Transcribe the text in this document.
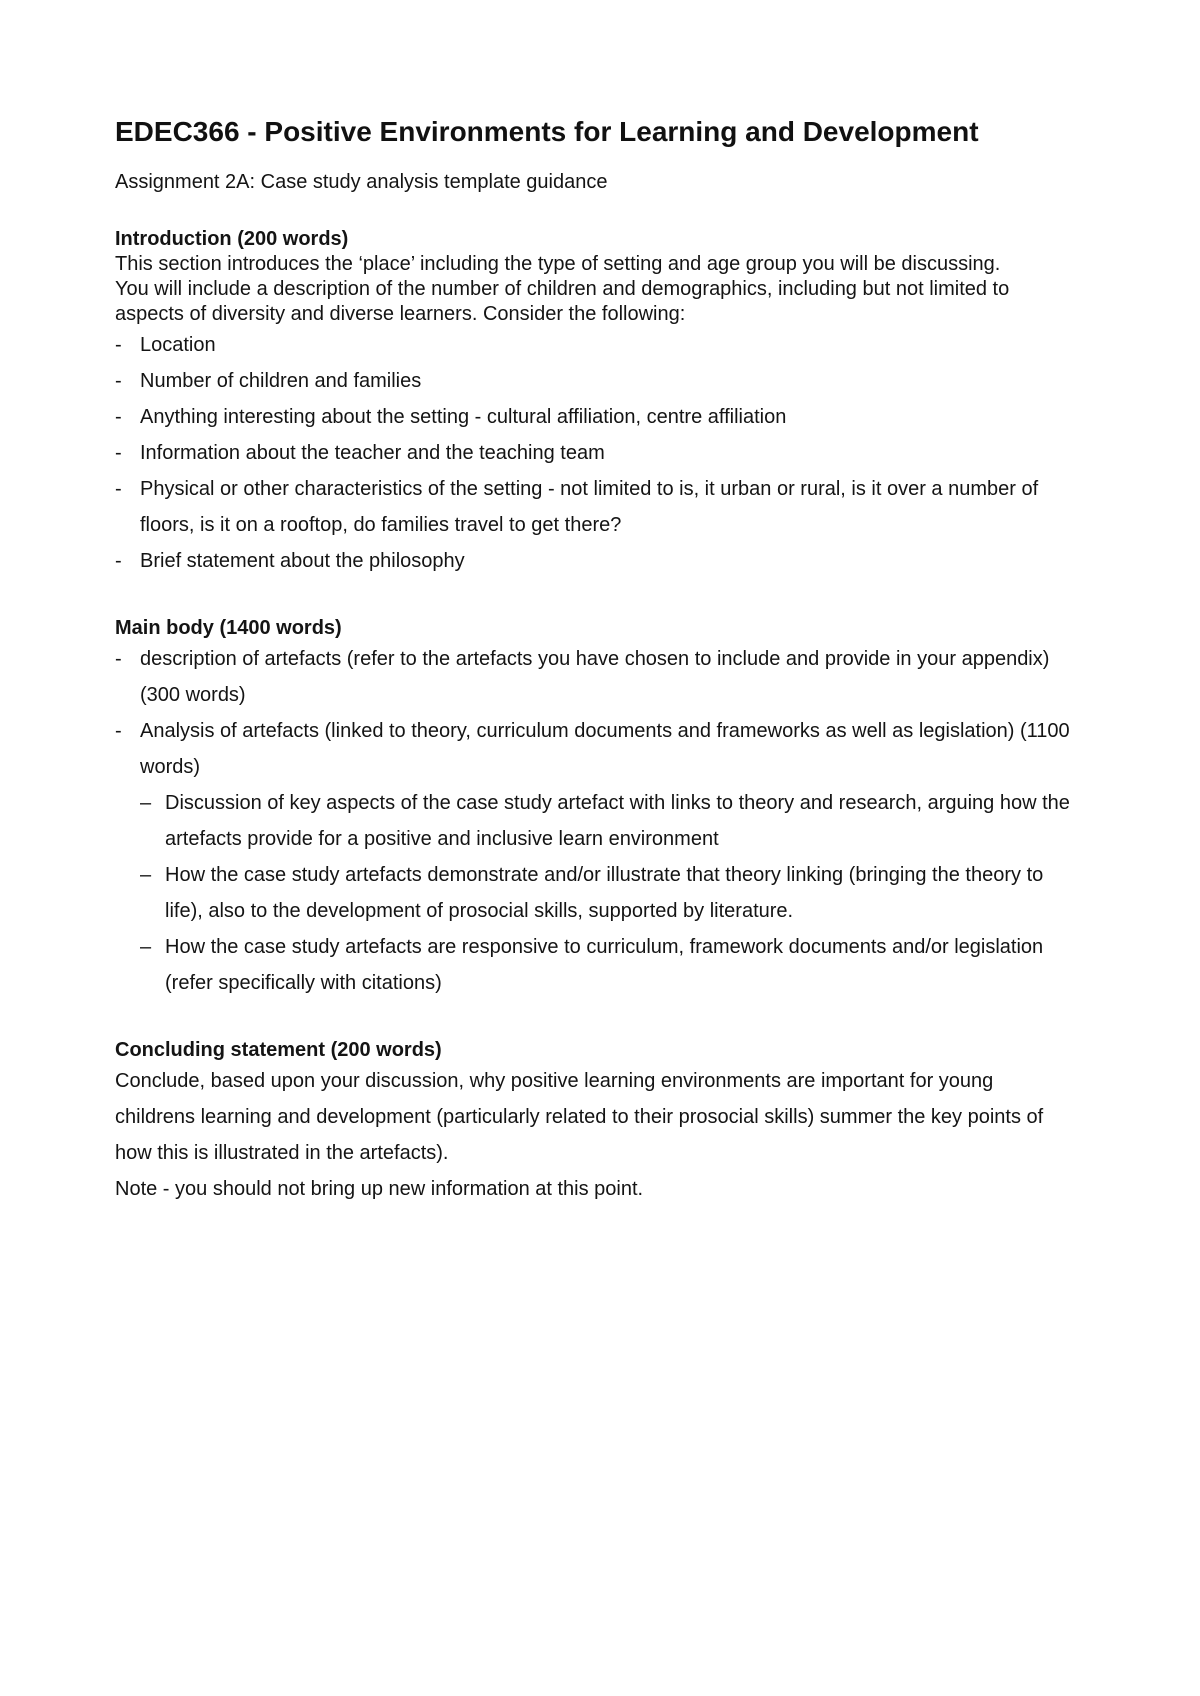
EDEC366 - Positive Environments for Learning and Development

Assignment 2A: Case study analysis template guidance

Introduction (200 words)

This section introduces the ‘place’ including the type of setting and age group you will be discussing.

You will include a description of the number of children and demographics, including but not limited to aspects of diversity and diverse learners. Consider the following:

- Location
- Number of children and families
- Anything interesting about the setting - cultural affiliation, centre affiliation
- Information about the teacher and the teaching team
- Physical or other characteristics of the setting - not limited to is, it urban or rural, is it over a number of floors, is it on a rooftop, do families travel to get there?
- Brief statement about the philosophy
Main body (1400 words)
- description of artefacts (refer to the artefacts you have chosen to include and provide in your appendix) (300 words)
- Analysis of artefacts (linked to theory, curriculum documents and frameworks as well as legislation) (1100 words)
– Discussion of key aspects of the case study artefact with links to theory and research, arguing how the artefacts provide for a positive and inclusive learn environment
– How the case study artefacts demonstrate and/or illustrate that theory linking (bringing the theory to life), also to the development of prosocial skills, supported by literature.
– How the case study artefacts are responsive to curriculum, framework documents and/or legislation (refer specifically with citations)
Concluding statement (200 words)

Conclude, based upon your discussion, why positive learning environments are important for young childrens learning and development (particularly related to their prosocial skills) summer the key points of how this is illustrated in the artefacts).

Note - you should not bring up new information at this point.
